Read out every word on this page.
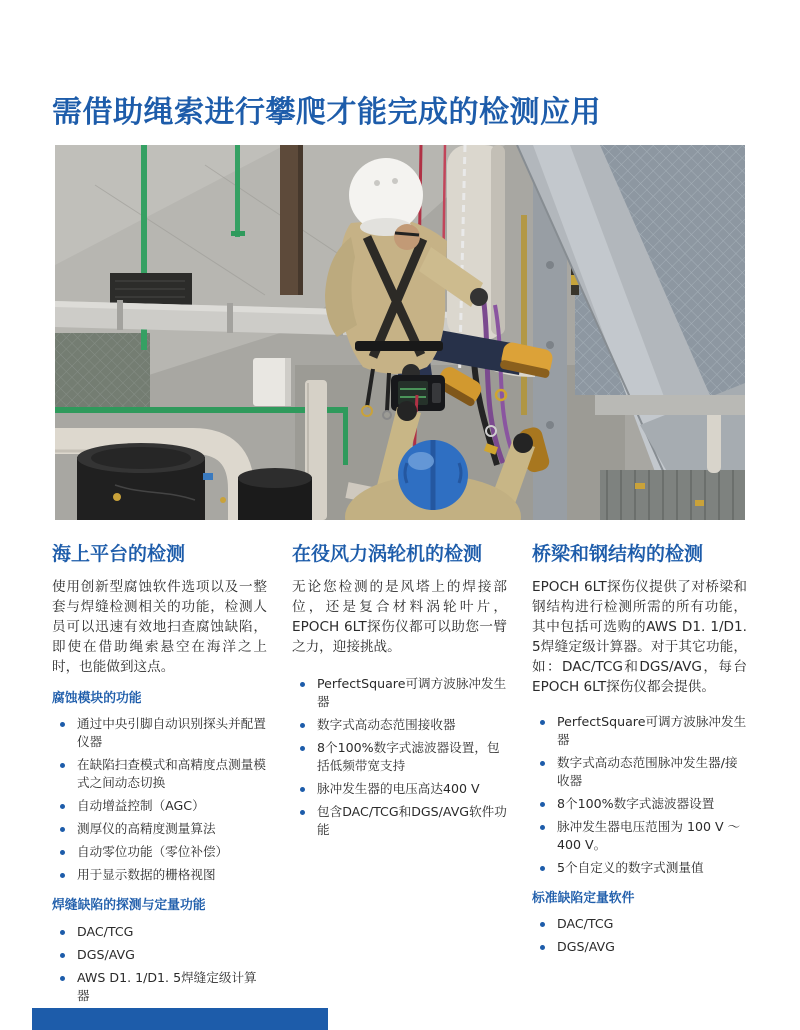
需借助绳索进行攀爬才能完成的检测应用
海上平台的检测

使用创新型腐蚀软件选项以及一整套与焊缝检测相关的功能，检测人员可以迅速有效地扫查腐蚀缺陷，即使在借助绳索悬空在海洋之上时，也能做到这点。

腐蚀模块的功能
通过中央引脚自动识别探头并配置仪器
在缺陷扫查模式和高精度点测量模式之间动态切换
自动增益控制（AGC）
测厚仪的高精度测量算法
自动零位功能（零位补偿）
用于显示数据的栅格视图
焊缝缺陷的探测与定量功能
DAC/TCG
DGS/AVG
AWS D1. 1/D1. 5焊缝定级计算器
在役风力涡轮机的检测

无论您检测的是风塔上的焊接部位，还是复合材料涡轮叶片，EPOCH 6LT探伤仪都可以助您一臂之力，迎接挑战。

PerfectSquare可调方波脉冲发生器
数字式高动态范围接收器
8个100%数字式滤波器设置，包括低频带宽支持
脉冲发生器的电压高达400 V
包含DAC/TCG和DGS/AVG软件功能
桥梁和钢结构的检测

EPOCH 6LT探伤仪提供了对桥梁和钢结构进行检测所需的所有功能，其中包括可选购的AWS D1. 1/D1. 5焊缝定级计算器。对于其它功能，如：DAC/TCG和DGS/AVG，每台 EPOCH 6LT探伤仪都会提供。

PerfectSquare可调方波脉冲发生器
数字式高动态范围脉冲发生器/接收器
8个100%数字式滤波器设置
脉冲发生器电压范围为 100 V ～ 400 V。
5个自定义的数字式测量值
标准缺陷定量软件
DAC/TCG
DGS/AVG
